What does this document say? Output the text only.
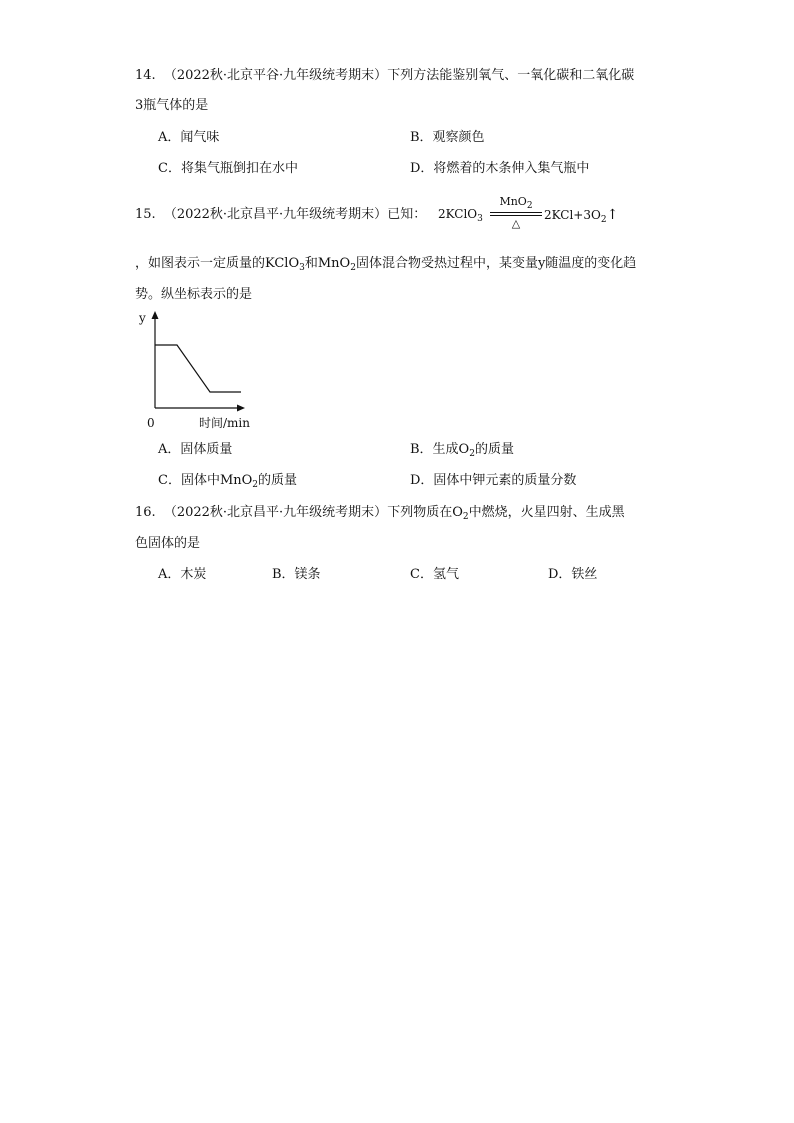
14. （2022秋·北京平谷·九年级统考期末）下列方法能鉴别氧气、一氧化碳和二氧化碳
3瓶气体的是
A．闻气味	B．观察颜色
C．将集气瓶倒扣在水中	D．将燃着的木条伸入集气瓶中
15. （2022秋·北京昌平·九年级统考期末）已知： 2KClO$_3$
MnO$_2$
△
$2KCl+3O_2↑$
，如图表示一定质量的KClO$_3$和MnO$_2$固体混合物受热过程中，某变量y随温度的变化趋
势。纵坐标表示的是
y
0	时间/min
A．固体质量	B．生成$O_2$的质量
C．固体中MnO$_2$的质量	D．固体中钾元素的质量分数
16. （2022秋·北京昌平·九年级统考期末）下列物质在$O_2$中燃烧，火星四射、生成黑
色固体的是
A．木炭	B．镁条	C．氢气	D．铁丝
